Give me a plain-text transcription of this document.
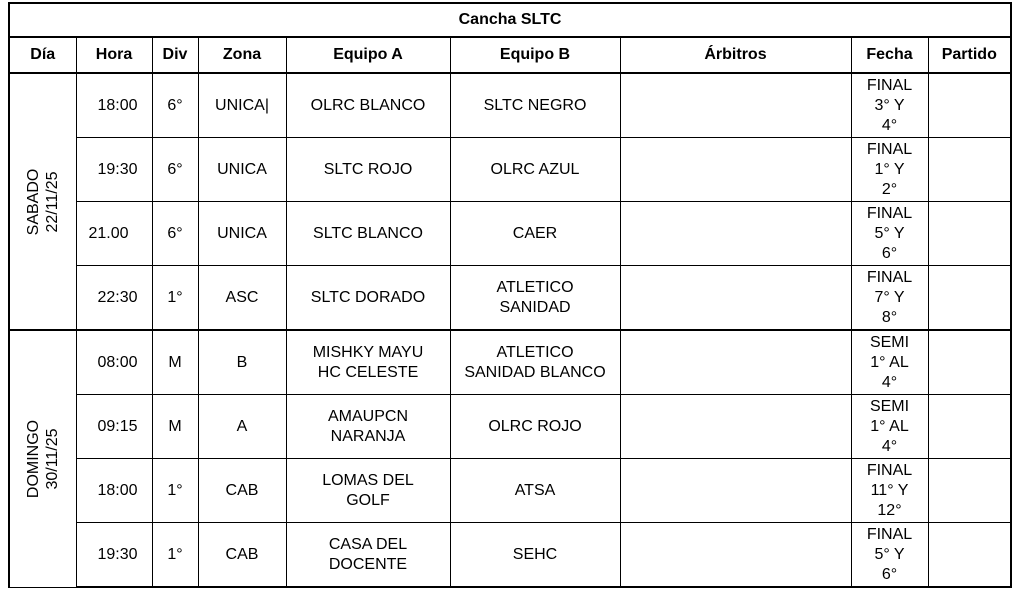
Cancha SLTC								
Día	Hora	Div	Zona	Equipo A	Equipo B	Árbitros	Fecha	Partido

SABADO 22/11/25	18:00	6°	UNICA|	OLRC BLANCO	SLTC NEGRO		FINAL
3° Y
4°	

	19:30	6°	UNICA	SLTC ROJO	OLRC AZUL		FINAL
1° Y
2°	

	21.00	6°	UNICA	SLTC BLANCO	CAER		FINAL
5° Y
6°	

	22:30	1°	ASC	SLTC DORADO	ATLETICO
SANIDAD		FINAL
7° Y
8°	

DOMINGO 30/11/25	08:00	M	B	MISHKY MAYU
HC CELESTE	ATLETICO
SANIDAD BLANCO		SEMI
1° AL
4°	

	09:15	M	A	AMAUPCN
NARANJA	OLRC ROJO		SEMI
1° AL
4°	

	18:00	1°	CAB	LOMAS DEL
GOLF	ATSA		FINAL
11° Y
12°	

	19:30	1°	CAB	CASA DEL
DOCENTE	SEHC		FINAL
5° Y
6°	
